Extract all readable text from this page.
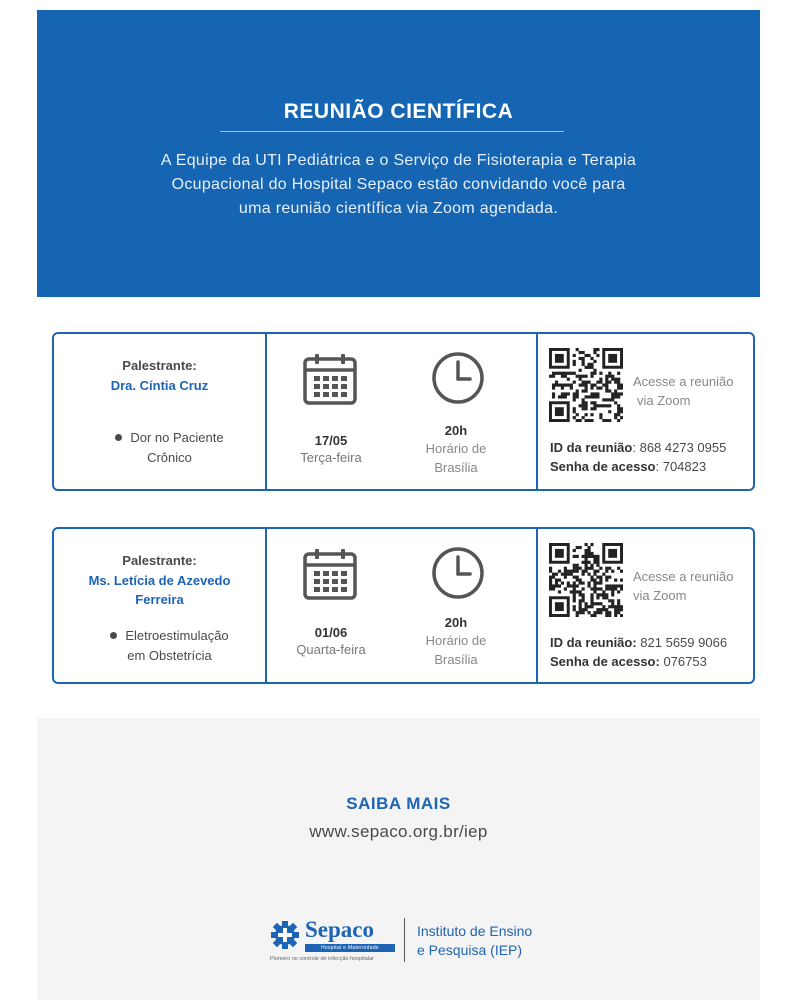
REUNIÃO CIENTÍFICA
A Equipe da UTI Pediátrica e o Serviço de Fisioterapia e Terapia
Ocupacional do Hospital Sepaco estão convidando você para
uma reunião científica via Zoom agendada.
Palestrante:
Dra. Cíntia Cruz
Dor no Paciente
Crônico
17/05
Terça-feira
20h
Horário de
Brasília
Acesse a reunião
via Zoom
ID da reunião: 868 4273 0955
Senha de acesso: 704823
Palestrante:
Ms. Letícia de Azevedo
Ferreira
Eletroestimulação
em Obstetrícia
01/06
Quarta-feira
20h
Horário de
Brasília
Acesse a reunião
via Zoom
ID da reunião: 821 5659 9066
Senha de acesso: 076753
SAIBA MAIS
www.sepaco.org.br/iep
Sepaco
Hospital e Maternidade
Pioneiro no controle de infecção hospitalar
Instituto de Ensino
e Pesquisa (IEP)
